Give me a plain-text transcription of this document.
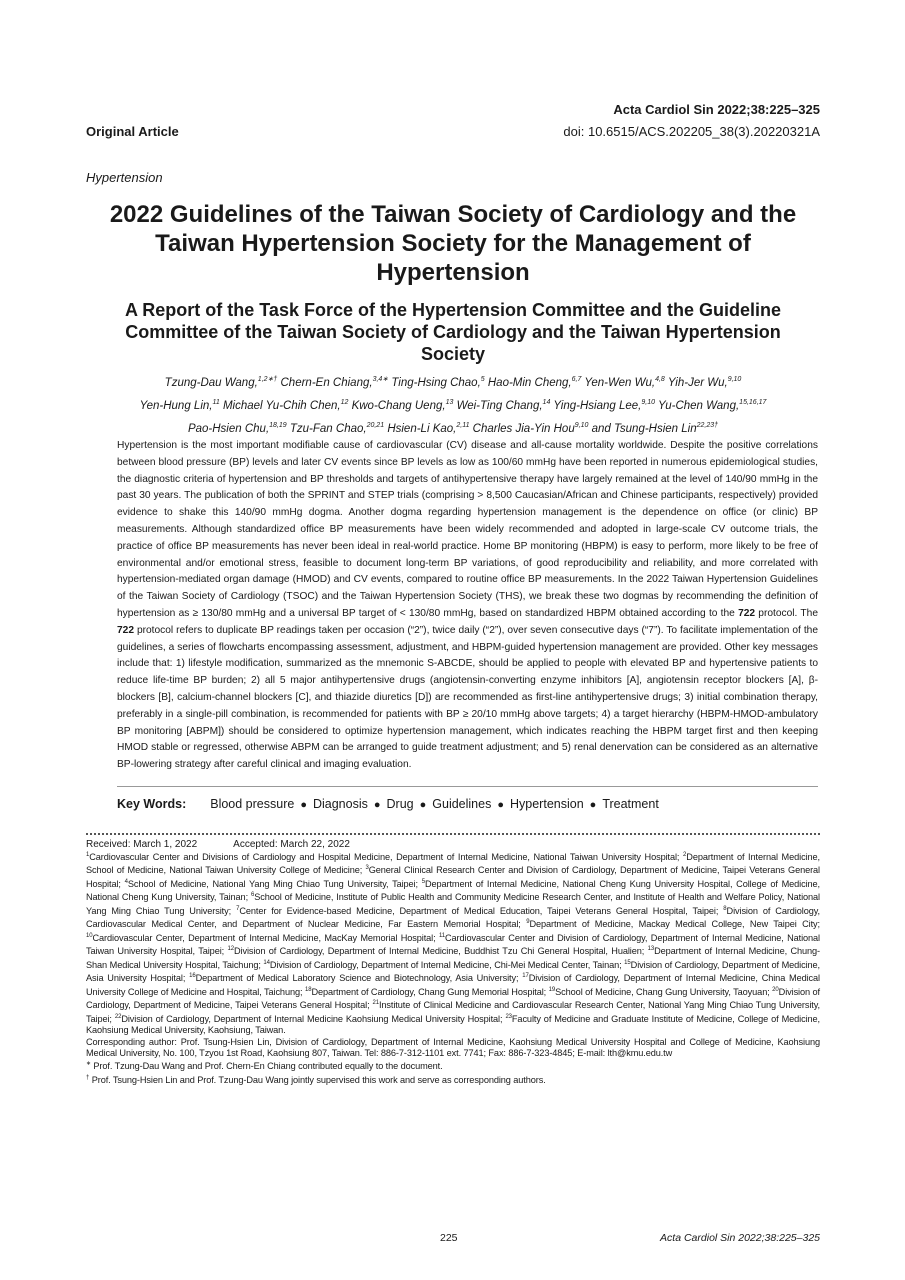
Acta Cardiol Sin 2022;38:225–325
Original Article	doi: 10.6515/ACS.202205_38(3).20220321A
Hypertension
2022 Guidelines of the Taiwan Society of Cardiology and the Taiwan Hypertension Society for the Management of Hypertension
A Report of the Task Force of the Hypertension Committee and the Guideline Committee of the Taiwan Society of Cardiology and the Taiwan Hypertension Society
Tzung-Dau Wang,$^{1,2∗\dagger}$ Chern-En Chiang,$^{3,4∗}$ Ting-Hsing Chao,$^5$ Hao-Min Cheng,$^{6,7}$ Yen-Wen Wu,$^{4,8}$ Yih-Jer Wu,$^{9,10}$
Yen-Hung Lin,$^{11}$ Michael Yu-Chih Chen,$^{12}$ Kwo-Chang Ueng,$^{13}$ Wei-Ting Chang,$^{14}$ Ying-Hsiang Lee,$^{9,10}$ Yu-Chen Wang,$^{15,16,17}$
Pao-Hsien Chu,$^{18,19}$ Tzu-Fan Chao,$^{20,21}$ Hsien-Li Kao,$^{2,11}$ Charles Jia-Yin Hou$^{9,10}$ and Tsung-Hsien Lin$^{22,23\dagger}$
Hypertension is the most important modifiable cause of cardiovascular (CV) disease and all-cause mortality worldwide. Despite the positive correlations between blood pressure (BP) levels and later CV events since BP levels as low as 100/60 mmHg have been reported in numerous epidemiological studies, the diagnostic criteria of hypertension and BP thresholds and targets of antihypertensive therapy have largely remained at the level of 140/90 mmHg in the past 30 years. The publication of both the SPRINT and STEP trials (comprising > 8,500 Caucasian/African and Chinese participants, respectively) provided evidence to shake this 140/90 mmHg dogma. Another dogma regarding hypertension management is the dependence on office (or clinic) BP measurements. Although standardized office BP measurements have been widely recommended and adopted in large-scale CV outcome trials, the practice of office BP measurements has never been ideal in real-world practice. Home BP monitoring (HBPM) is easy to perform, more likely to be free of environmental and/or emotional stress, feasible to document long-term BP variations, of good reproducibility and reliability, and more correlated with hypertension-mediated organ damage (HMOD) and CV events, compared to routine office BP measurements. In the 2022 Taiwan Hypertension Guidelines of the Taiwan Society of Cardiology (TSOC) and the Taiwan Hypertension Society (THS), we break these two dogmas by recommending the definition of hypertension as ≥ 130/80 mmHg and a universal BP target of < 130/80 mmHg, based on standardized HBPM obtained according to the 722 protocol. The 722 protocol refers to duplicate BP readings taken per occasion (“2”), twice daily (“2”), over seven consecutive days (“7”). To facilitate implementation of the guidelines, a series of flowcharts encompassing assessment, adjustment, and HBPM-guided hypertension management are provided. Other key messages include that: 1) lifestyle modification, summarized as the mnemonic S-ABCDE, should be applied to people with elevated BP and hypertensive patients to reduce life-time BP burden; 2) all 5 major antihypertensive drugs (angiotensin-converting enzyme inhibitors [A], angiotensin receptor blockers [A], β-blockers [B], calcium-channel blockers [C], and thiazide diuretics [D]) are recommended as first-line antihypertensive drugs; 3) initial combination therapy, preferably in a single-pill combination, is recommended for patients with BP ≥ 20/10 mmHg above targets; 4) a target hierarchy (HBPM-HMOD-ambulatory BP monitoring [ABPM]) should be considered to optimize hypertension management, which indicates reaching the HBPM target first and then keeping HMOD stable or regressed, otherwise ABPM can be arranged to guide treatment adjustment; and 5) renal denervation can be considered as an alternative BP-lowering strategy after careful clinical and imaging evaluation.
Key Words: Blood pressure ● Diagnosis ● Drug ● Guidelines ● Hypertension ● Treatment
Received: March 1, 2022	Accepted: March 22, 2022

$^1$Cardiovascular Center and Divisions of Cardiology and Hospital Medicine, Department of Internal Medicine, National Taiwan University Hospital; $^2$Department of Internal Medicine, School of Medicine, National Taiwan University College of Medicine; $^3$General Clinical Research Center and Division of Cardiology, Department of Medicine, Taipei Veterans General Hospital; $^4$School of Medicine, National Yang Ming Chiao Tung University, Taipei; $^5$Department of Internal Medicine, National Cheng Kung University Hospital, College of Medicine, National Cheng Kung University, Tainan; $^6$School of Medicine, Institute of Public Health and Community Medicine Research Center, and Institute of Health and Welfare Policy, National Yang Ming Chiao Tung University; $^7$Center for Evidence-based Medicine, Department of Medical Education, Taipei Veterans General Hospital, Taipei; $^8$Division of Cardiology, Cardiovascular Medical Center, and Department of Nuclear Medicine, Far Eastern Memorial Hospital; $^9$Department of Medicine, Mackay Medical College, New Taipei City; $^{10}$Cardiovascular Center, Department of Internal Medicine, MacKay Memorial Hospital; $^{11}$Cardiovascular Center and Division of Cardiology, Department of Internal Medicine, National Taiwan University Hospital, Taipei; $^{12}$Division of Cardiology, Department of Internal Medicine, Buddhist Tzu Chi General Hospital, Hualien; $^{13}$Department of Internal Medicine, Chung-Shan Medical University Hospital, Taichung; $^{14}$Division of Cardiology, Department of Internal Medicine, Chi-Mei Medical Center, Tainan; $^{15}$Division of Cardiology, Department of Medicine, Asia University Hospital; $^{16}$Department of Medical Laboratory Science and Biotechnology, Asia University; $^{17}$Division of Cardiology, Department of Internal Medicine, China Medical University College of Medicine and Hospital, Taichung; $^{18}$Department of Cardiology, Chang Gung Memorial Hospital; $^{19}$School of Medicine, Chang Gung University, Taoyuan; $^{20}$Division of Cardiology, Department of Medicine, Taipei Veterans General Hospital; $^{21}$Institute of Clinical Medicine and Cardiovascular Research Center, National Yang Ming Chiao Tung University, Taipei; $^{22}$Division of Cardiology, Department of Internal Medicine Kaohsiung Medical University Hospital; $^{23}$Faculty of Medicine and Graduate Institute of Medicine, College of Medicine, Kaohsiung Medical University, Kaohsiung, Taiwan.

Corresponding author: Prof. Tsung-Hsien Lin, Division of Cardiology, Department of Internal Medicine, Kaohsiung Medical University Hospital and College of Medicine, Kaohsiung Medical University, No. 100, Tzyou 1st Road, Kaohsiung 807, Taiwan. Tel: 886-7-312-1101 ext. 7741; Fax: 886-7-323-4845; E-mail: lth@kmu.edu.tw

∗ Prof. Tzung-Dau Wang and Prof. Chern-En Chiang contributed equally to the document.

† Prof. Tsung-Hsien Lin and Prof. Tzung-Dau Wang jointly supervised this work and serve as corresponding authors.

225	Acta Cardiol Sin 2022;38:225–325
